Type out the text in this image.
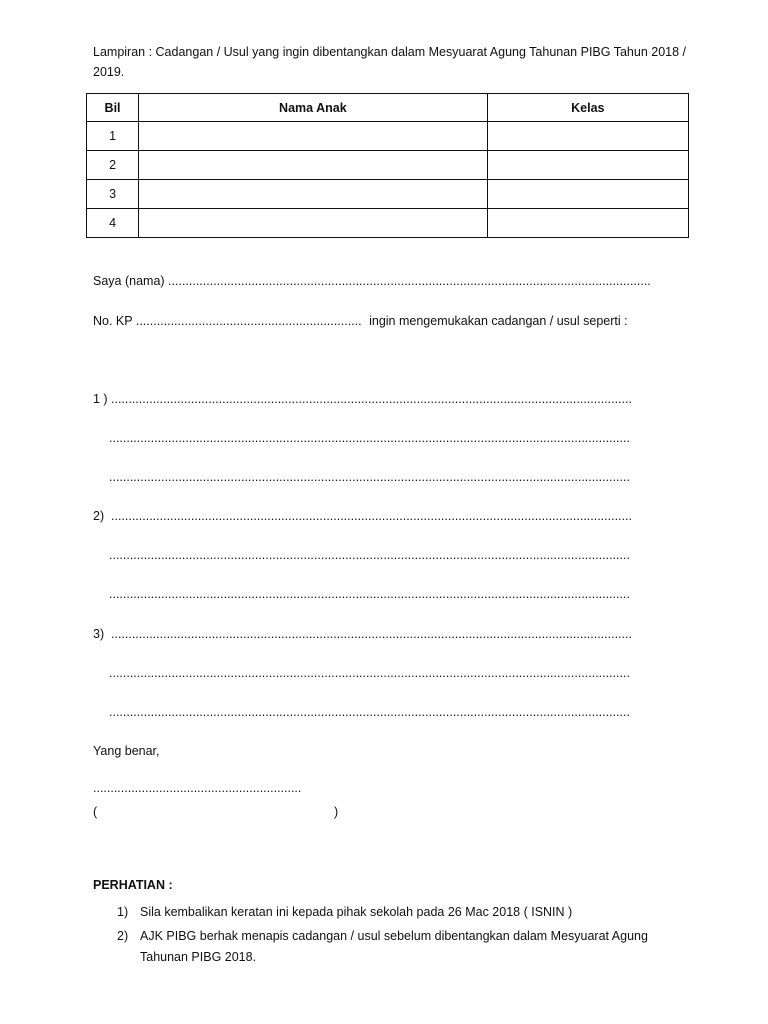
Lampiran : Cadangan / Usul yang ingin dibentangkan dalam Mesyuarat Agung Tahunan PIBG Tahun 2018 / 2019.
Bil	Nama Anak	Kelas
1		
2		
3		
4		
Saya (nama) ...........................................................................................................................................
No. KP ................................................................. ingin mengemukakan cadangan / usul seperti :
1 ) ......................................................................................................................................................
......................................................................................................................................................
......................................................................................................................................................
2) ......................................................................................................................................................
......................................................................................................................................................
......................................................................................................................................................
3) ......................................................................................................................................................
......................................................................................................................................................
......................................................................................................................................................
Yang benar,
............................................................
(	)
PERHATIAN :
1) Sila kembalikan keratan ini kepada pihak sekolah pada 26 Mac 2018 ( ISNIN )
2) AJK PIBG berhak menapis cadangan / usul sebelum dibentangkan dalam Mesyuarat Agung
Tahunan PIBG 2018.
